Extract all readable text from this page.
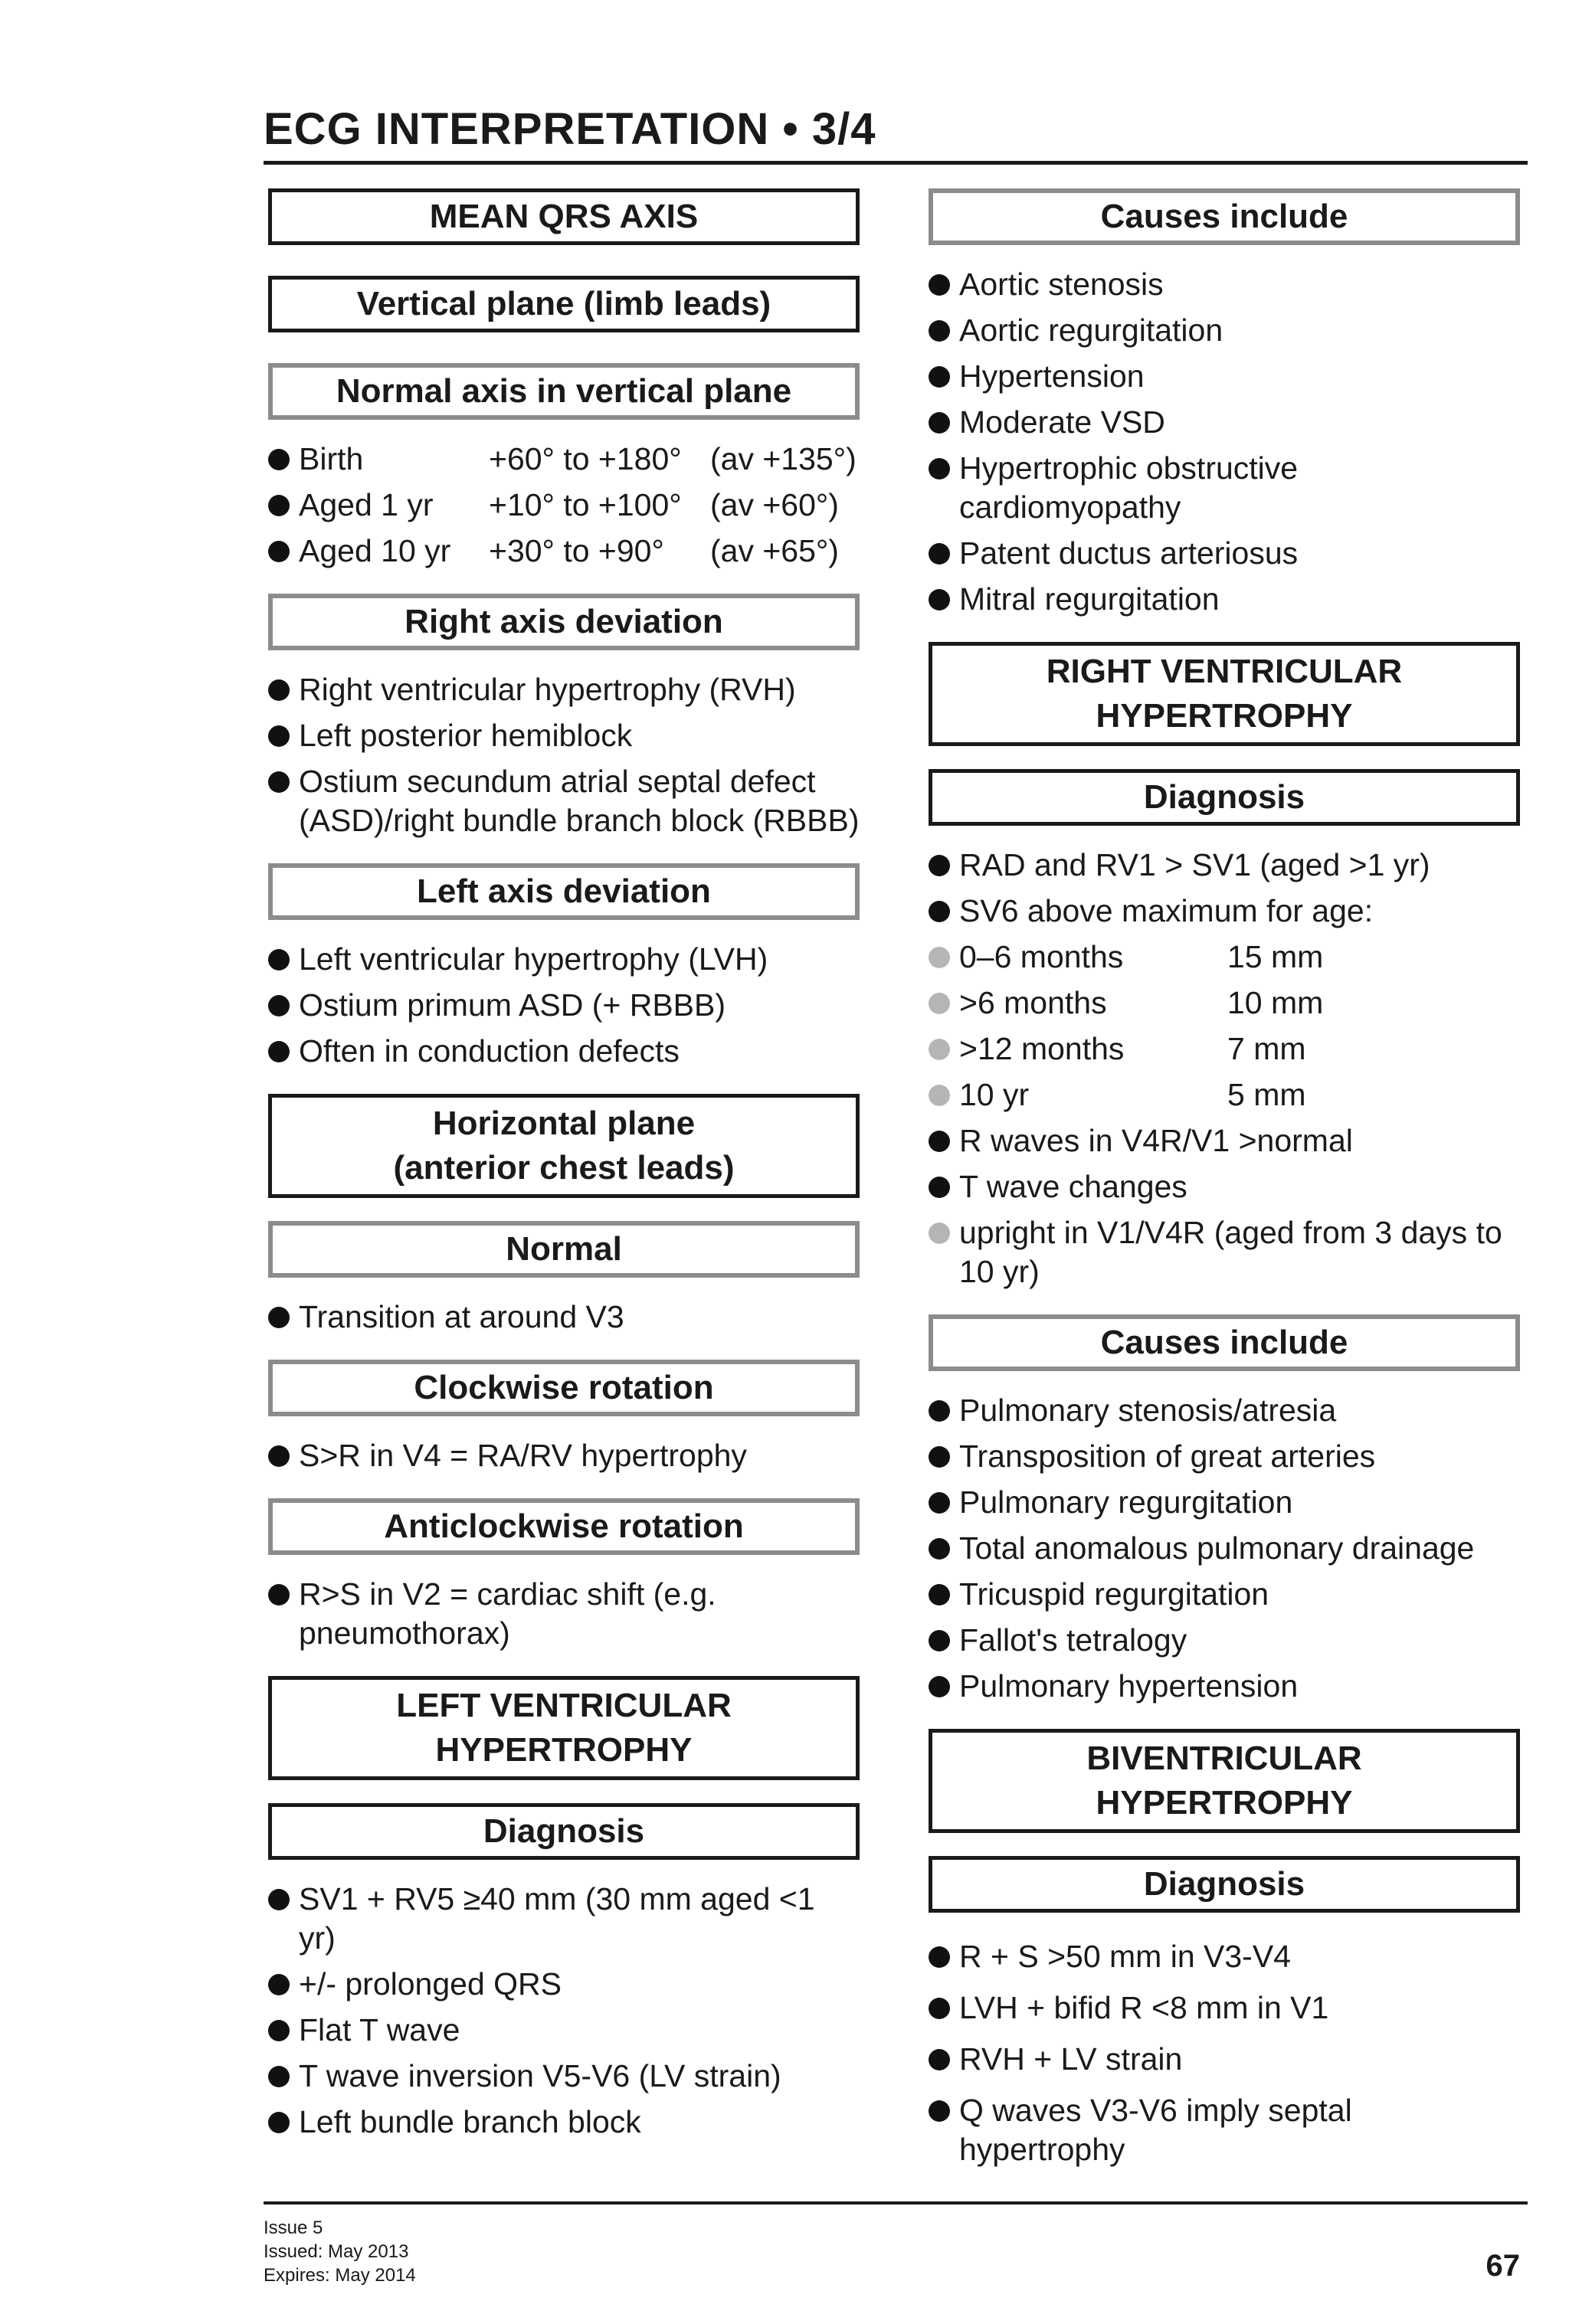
ECG INTERPRETATION • 3/4
MEAN QRS AXIS
Vertical plane (limb leads)
Normal axis in vertical plane
Birth	+60° to +180° (av +135°)
Aged 1 yr +10° to +100° (av +60°)
Aged 10 yr +30° to +90° (av +65°)
Right axis deviation
Right ventricular hypertrophy (RVH)
Left posterior hemiblock
Ostium secundum atrial septal defect (ASD)/right bundle branch block (RBBB)
Left axis deviation
Left ventricular hypertrophy (LVH)
Ostium primum ASD (+ RBBB)
Often in conduction defects
Horizontal plane
(anterior chest leads)
Normal
Transition at around V3
Clockwise rotation
S>R in V4 = RA/RV hypertrophy
Anticlockwise rotation
R>S in V2 = cardiac shift (e.g. pneumothorax)
LEFT VENTRICULAR
HYPERTROPHY
Diagnosis
SV1 + RV5 ≥40 mm (30 mm aged <1 yr)
+/- prolonged QRS
Flat T wave
T wave inversion V5-V6 (LV strain)
Left bundle branch block
Causes include
Aortic stenosis
Aortic regurgitation
Hypertension
Moderate VSD
Hypertrophic obstructive cardiomyopathy
Patent ductus arteriosus
Mitral regurgitation
RIGHT VENTRICULAR
HYPERTROPHY
Diagnosis
RAD and RV1 > SV1 (aged >1 yr)
SV6 above maximum for age:
0–6 months	15 mm
>6 months	10 mm
>12 months	7 mm
10 yr	5 mm
R waves in V4R/V1 >normal
T wave changes
upright in V1/V4R (aged from 3 days to 10 yr)
Causes include
Pulmonary stenosis/atresia
Transposition of great arteries
Pulmonary regurgitation
Total anomalous pulmonary drainage
Tricuspid regurgitation
Fallot's tetralogy
Pulmonary hypertension
BIVENTRICULAR
HYPERTROPHY
Diagnosis
R + S >50 mm in V3-V4
LVH + bifid R <8 mm in V1
RVH + LV strain
Q waves V3-V6 imply septal hypertrophy
Issue 5
Issued: May 2013
Expires: May 2014	67
